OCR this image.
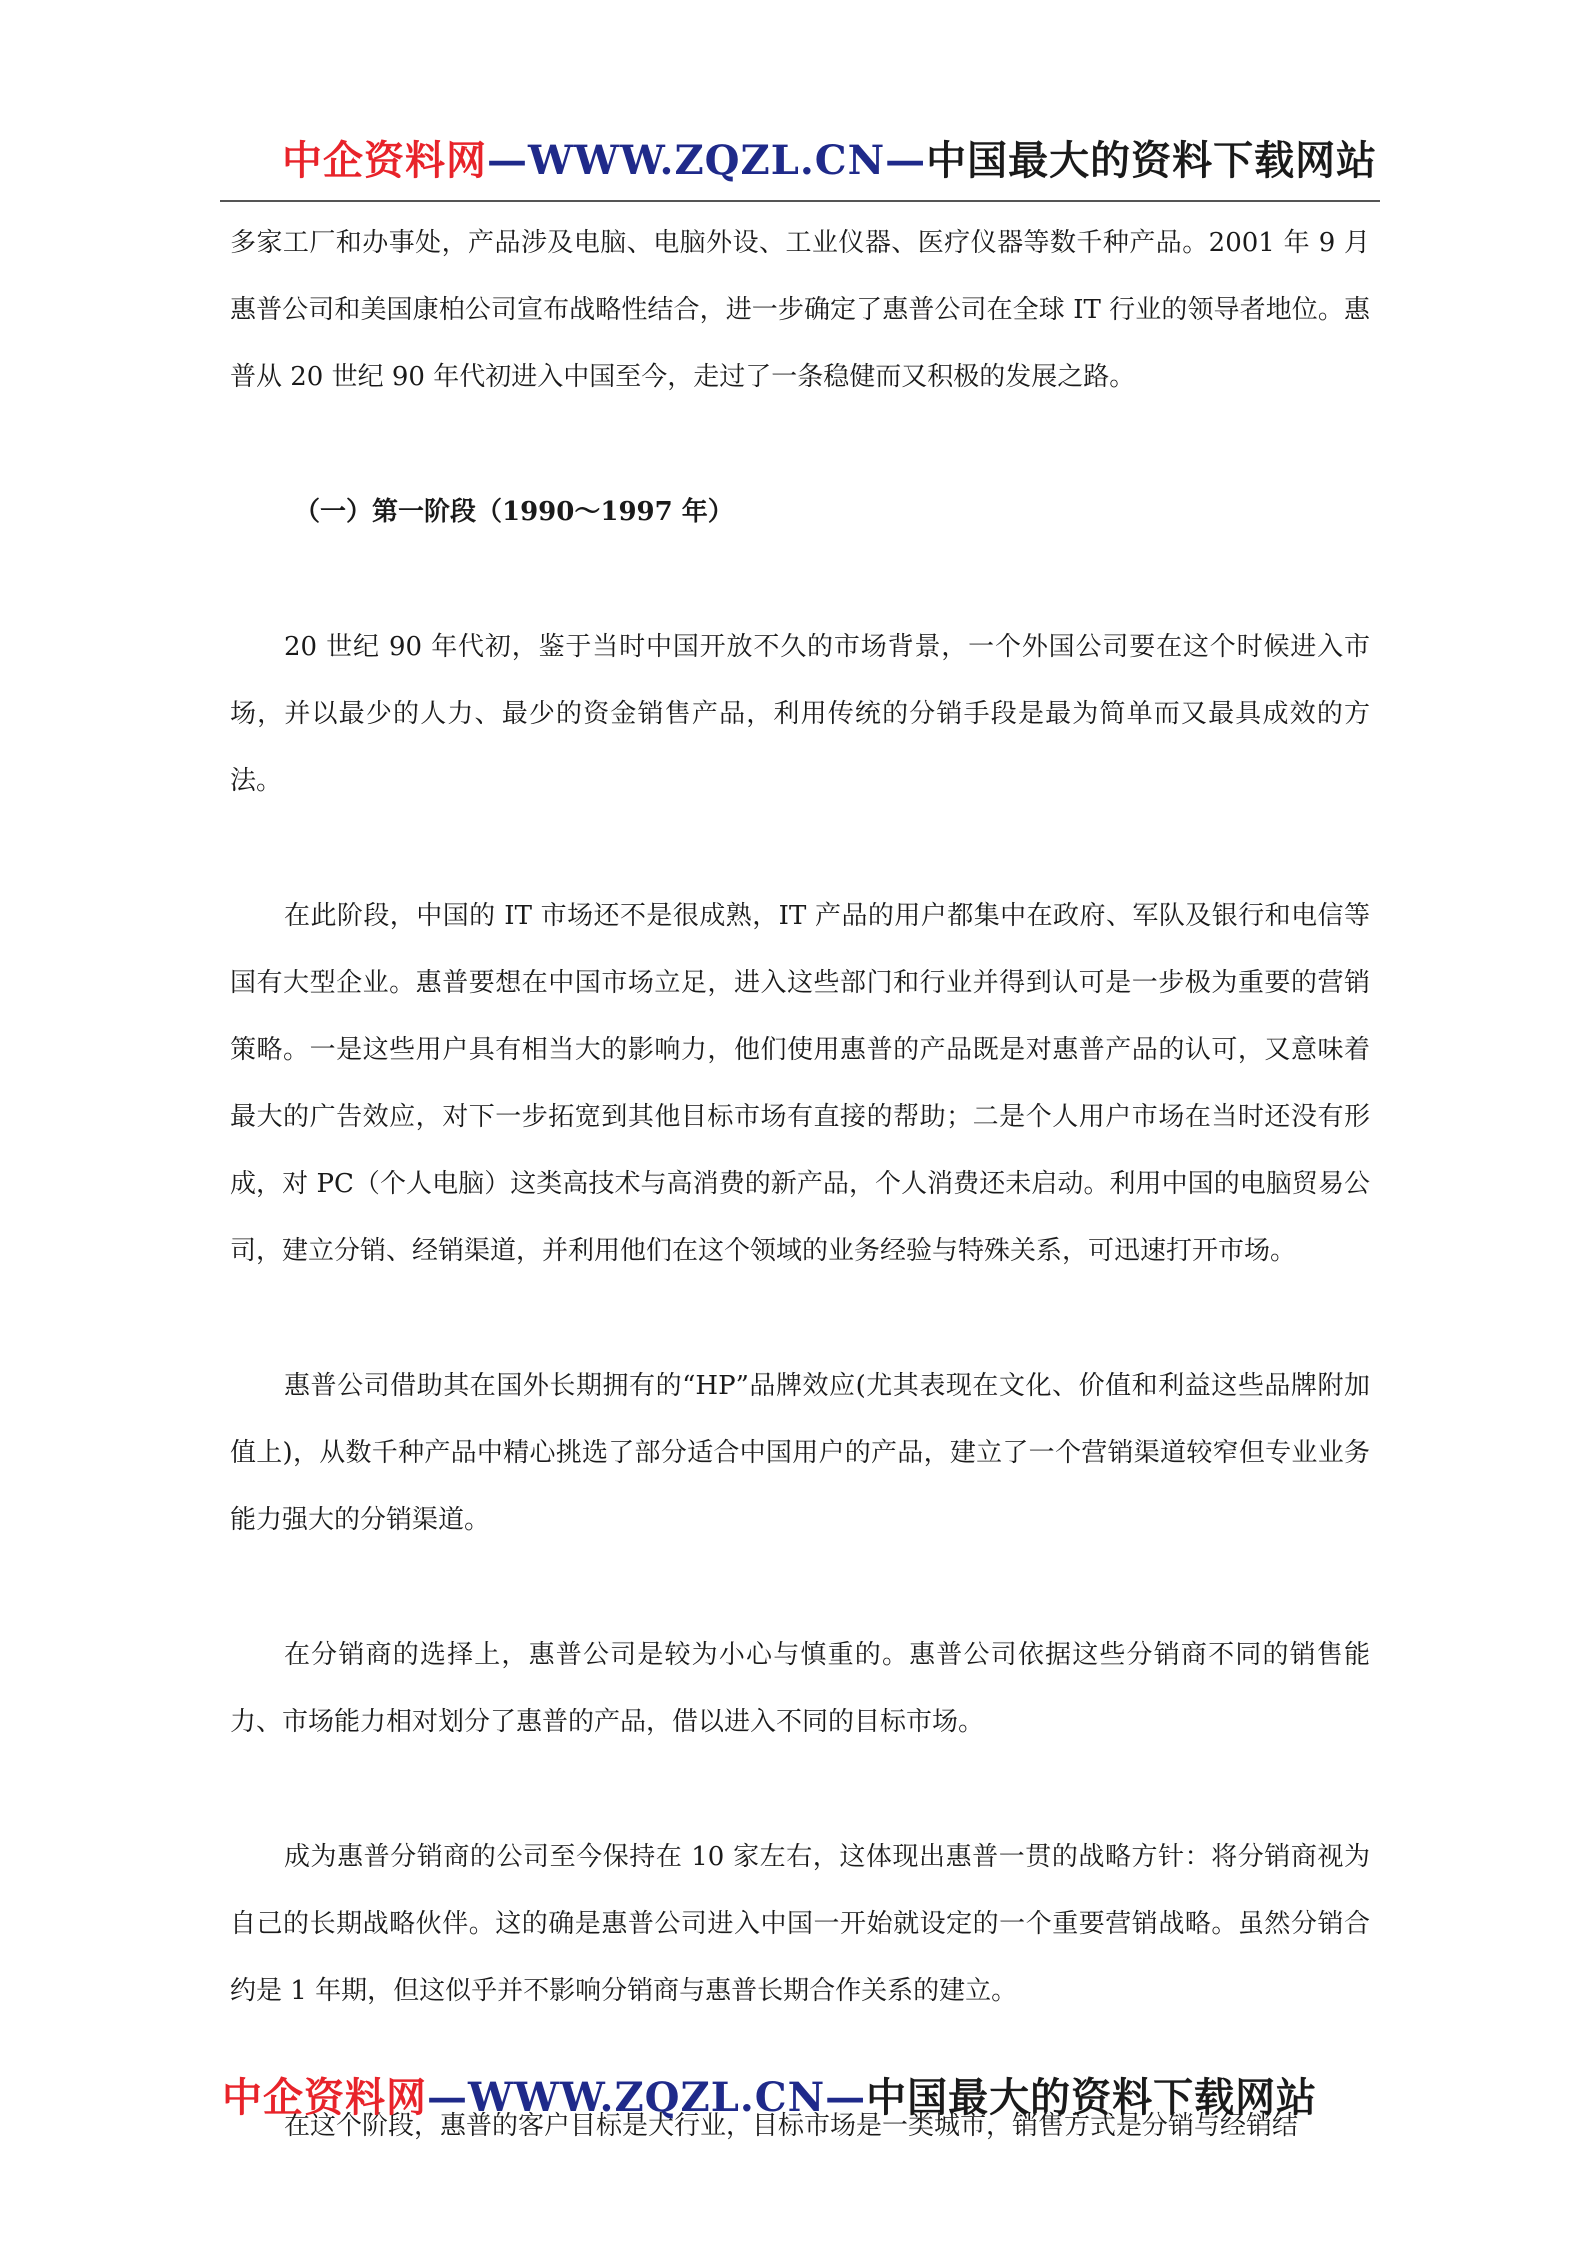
中企资料网—WWW.ZQZL.CN—中国最大的资料下载网站

多家工厂和办事处，产品涉及电脑、电脑外设、工业仪器、医疗仪器等数千种产品。2001 年 9 月惠普公司和美国康柏公司宣布战略性结合，进一步确定了惠普公司在全球 IT 行业的领导者地位。惠普从 20 世纪 90 年代初进入中国至今，走过了一条稳健而又积极的发展之路。

（一）第一阶段（1990～1997 年）

20 世纪 90 年代初，鉴于当时中国开放不久的市场背景，一个外国公司要在这个时候进入市场，并以最少的人力、最少的资金销售产品，利用传统的分销手段是最为简单而又最具成效的方法。

在此阶段，中国的 IT 市场还不是很成熟，IT 产品的用户都集中在政府、军队及银行和电信等国有大型企业。惠普要想在中国市场立足，进入这些部门和行业并得到认可是一步极为重要的营销策略。一是这些用户具有相当大的影响力，他们使用惠普的产品既是对惠普产品的认可，又意味着最大的广告效应，对下一步拓宽到其他目标市场有直接的帮助；二是个人用户市场在当时还没有形成，对 PC（个人电脑）这类高技术与高消费的新产品，个人消费还未启动。利用中国的电脑贸易公司，建立分销、经销渠道，并利用他们在这个领域的业务经验与特殊关系，可迅速打开市场。

惠普公司借助其在国外长期拥有的“HP”品牌效应(尤其表现在文化、价值和利益这些品牌附加值上)，从数千种产品中精心挑选了部分适合中国用户的产品，建立了一个营销渠道较窄但专业业务能力强大的分销渠道。

在分销商的选择上，惠普公司是较为小心与慎重的。惠普公司依据这些分销商不同的销售能力、市场能力相对划分了惠普的产品，借以进入不同的目标市场。

成为惠普分销商的公司至今保持在 10 家左右，这体现出惠普一贯的战略方针：将分销商视为自己的长期战略伙伴。这的确是惠普公司进入中国一开始就设定的一个重要营销战略。虽然分销合约是 1 年期，但这似乎并不影响分销商与惠普长期合作关系的建立。

在这个阶段，惠普的客户目标是大行业，目标市场是一类城市，销售方式是分销与经销结

中企资料网—WWW.ZQZL.CN—中国最大的资料下载网站
